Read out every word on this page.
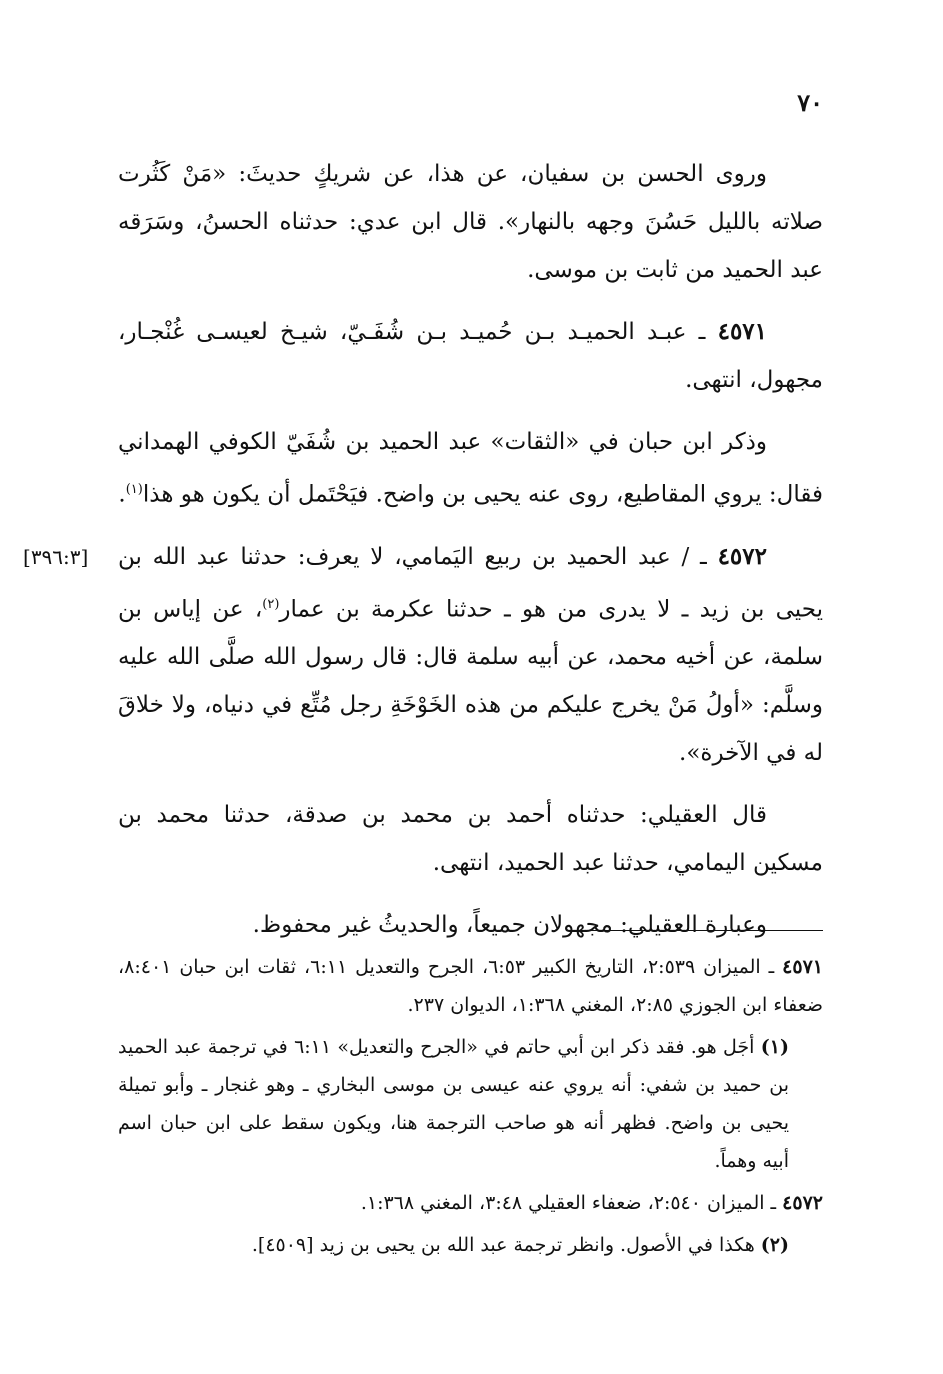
٧٠

وروى الحسن بن سفيان، عن هذا، عن شريكٍ حديثَ: «مَنْ كَثُرت صلاته بالليل حَسُنَ وجهه بالنهار». قال ابن عدي: حدثناه الحسنُ، وسَرَقه عبد الحميد من ثابت بن موسى.

٤٥٧١ ـ عبـد الحميـد بـن حُميـد بـن شُفَـيّ، شيـخ لعيسـى غُنْجـار، مجهول، انتهى.

وذكر ابن حبان في «الثقات» عبد الحميد بن شُفَيّ الكوفي الهمداني فقال: يروي المقاطيع، روى عنه يحيى بن واضح. فيَحْتَمل أن يكون هو هذا$^{(١)}$.

[٣٩٦:٣]	٤٥٧٢ ـ / عبد الحميد بن ربيع اليَمامي، لا يعرف: حدثنا عبد الله بن يحيى بن زيد ـ لا يدرى من هو ـ حدثنا عكرمة بن عمار$^{(٢)}$، عن إياس بن سلمة، عن أخيه محمد، عن أبيه سلمة قال: قال رسول الله صلَّى الله عليه وسلَّم: «أولُ مَنْ يخرج عليكم من هذه الخَوْخَةِ رجل مُتِّع في دنياه، ولا خلاقَ له في الآخرة».

قال العقيلي: حدثناه أحمد بن محمد بن صدقة، حدثنا محمد بن مسكين اليمامي، حدثنا عبد الحميد، انتهى.

وعبارة العقيلي: مجهولان جميعاً، والحديثُ غير محفوظ.

٤٥٧١ ـ الميزان ٢:٥٣٩، التاريخ الكبير ٦:٥٣، الجرح والتعديل ٦:١١، ثقات ابن حبان ٨:٤٠١، ضعفاء ابن الجوزي ٢:٨٥، المغني ١:٣٦٨، الديوان ٢٣٧.

(١) أجَل هو. فقد ذكر ابن أبي حاتم في «الجرح والتعديل» ٦:١١ في ترجمة عبد الحميد بن حميد بن شفي: أنه يروي عنه عيسى بن موسى البخاري ـ وهو غنجار ـ وأبو تميلة يحيى بن واضح. فظهر أنه هو صاحب الترجمة هنا، ويكون سقط على ابن حبان اسم أبيه وهماً.

٤٥٧٢ ـ الميزان ٢:٥٤٠، ضعفاء العقيلي ٣:٤٨، المغني ١:٣٦٨.

(٢) هكذا في الأصول. وانظر ترجمة عبد الله بن يحيى بن زيد [٤٥٠٩].
